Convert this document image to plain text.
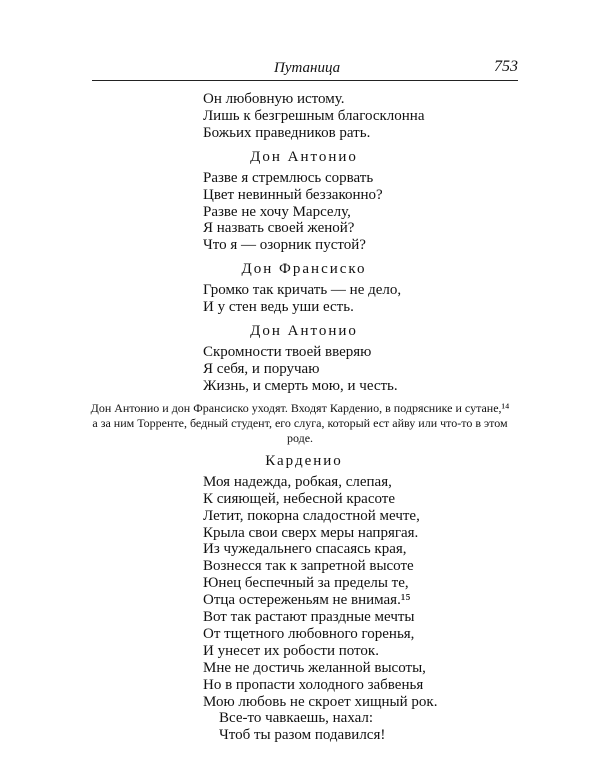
Путаница	753
Он любовную истому.
Лишь к безгрешным благосклонна
Божьих праведников рать.
Дон Антонио
Разве я стремлюсь сорвать
Цвет невинный беззаконно?
Разве не хочу Марселу,
Я назвать своей женой?
Что я — озорник пустой?
Дон Франсиско
Громко так кричать — не дело,
И у стен ведь уши есть.
Дон Антонио
Скромности твоей вверяю
Я себя, и поручаю
Жизнь, и смерть мою, и честь.
Дон Антонио и дон Франсиско уходят. Входят Карденио, в подряснике и сутане,¹⁴ а за ним Торренте, бедный студент, его слуга, который ест айву или что-то в этом роде.
Карденио
Моя надежда, робкая, слепая,
К сияющей, небесной красоте
Летит, покорна сладостной мечте,
Крыла свои сверх меры напрягая.
Из чужедальнего спасаясь края,
Вознесся так к запретной высоте
Юнец беспечный за пределы те,
Отца остереженьям не внимая.¹⁵
Вот так растают праздные мечты
От тщетного любовного горенья,
И унесет их робости поток.
Мне не достичь желанной высоты,
Но в пропасти холодного забвенья
Мою любовь не скроет хищный рок.
Все-то чавкаешь, нахал:
Чтоб ты разом подавился!
